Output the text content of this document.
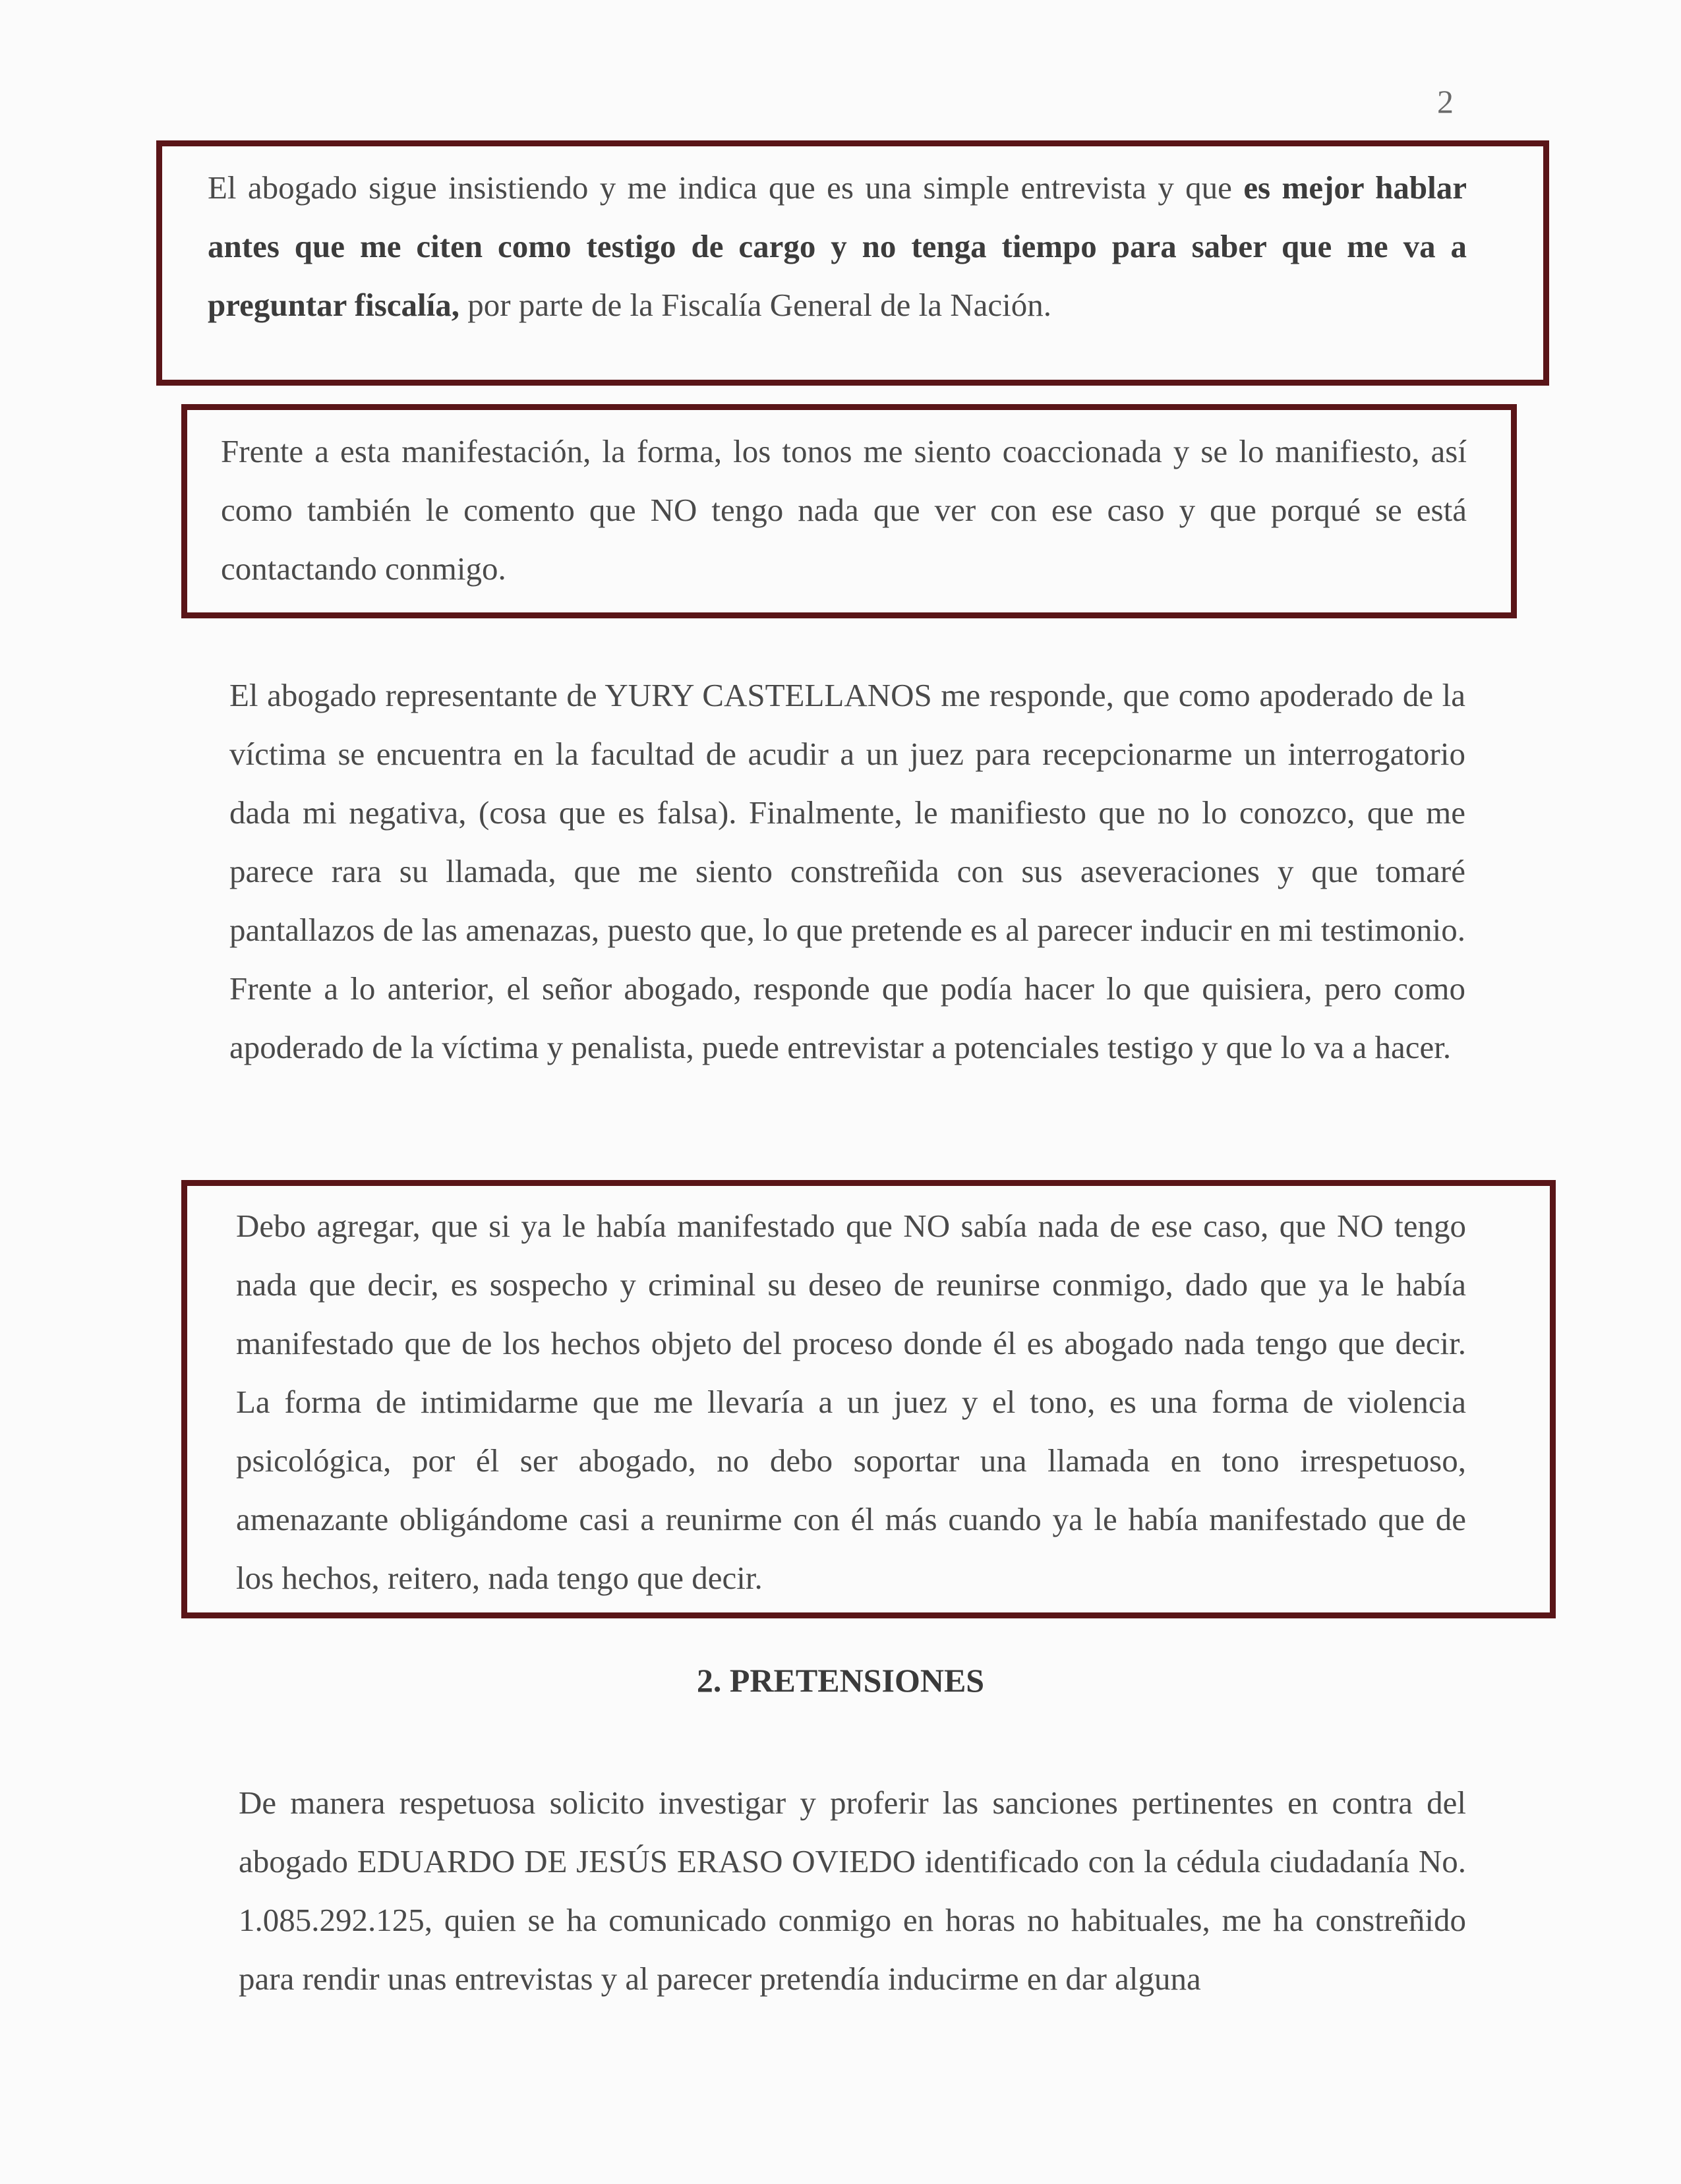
2
El abogado sigue insistiendo y me indica que es una simple entrevista y que es mejor hablar antes que me citen como testigo de cargo y no tenga tiempo para saber que me va a preguntar fiscalía, por parte de la Fiscalía General de la Nación.
Frente a esta manifestación, la forma, los tonos me siento coaccionada y se lo manifiesto, así como también le comento que NO tengo nada que ver con ese caso y que porqué se está contactando conmigo.
El abogado representante de YURY CASTELLANOS me responde, que como apoderado de la víctima se encuentra en la facultad de acudir a un juez para recepcionarme un interrogatorio dada mi negativa, (cosa que es falsa). Finalmente, le manifiesto que no lo conozco, que me parece rara su llamada, que me siento constreñida con sus aseveraciones y que tomaré pantallazos de las amenazas, puesto que, lo que pretende es al parecer inducir en mi testimonio. Frente a lo anterior, el señor abogado, responde que podía hacer lo que quisiera, pero como apoderado de la víctima y penalista, puede entrevistar a potenciales testigo y que lo va a hacer.
Debo agregar, que si ya le había manifestado que NO sabía nada de ese caso, que NO tengo nada que decir, es sospecho y criminal su deseo de reunirse conmigo, dado que ya le había manifestado que de los hechos objeto del proceso donde él es abogado nada tengo que decir. La forma de intimidarme que me llevaría a un juez y el tono, es una forma de violencia psicológica, por él ser abogado, no debo soportar una llamada en tono irrespetuoso, amenazante obligándome casi a reunirme con él más cuando ya le había manifestado que de los hechos, reitero, nada tengo que decir.
2. PRETENSIONES
De manera respetuosa solicito investigar y proferir las sanciones pertinentes en contra del abogado EDUARDO DE JESÚS ERASO OVIEDO identificado con la cédula ciudadanía No. 1.085.292.125, quien se ha comunicado conmigo en horas no habituales, me ha constreñido para rendir unas entrevistas y al parecer pretendía inducirme en dar alguna
